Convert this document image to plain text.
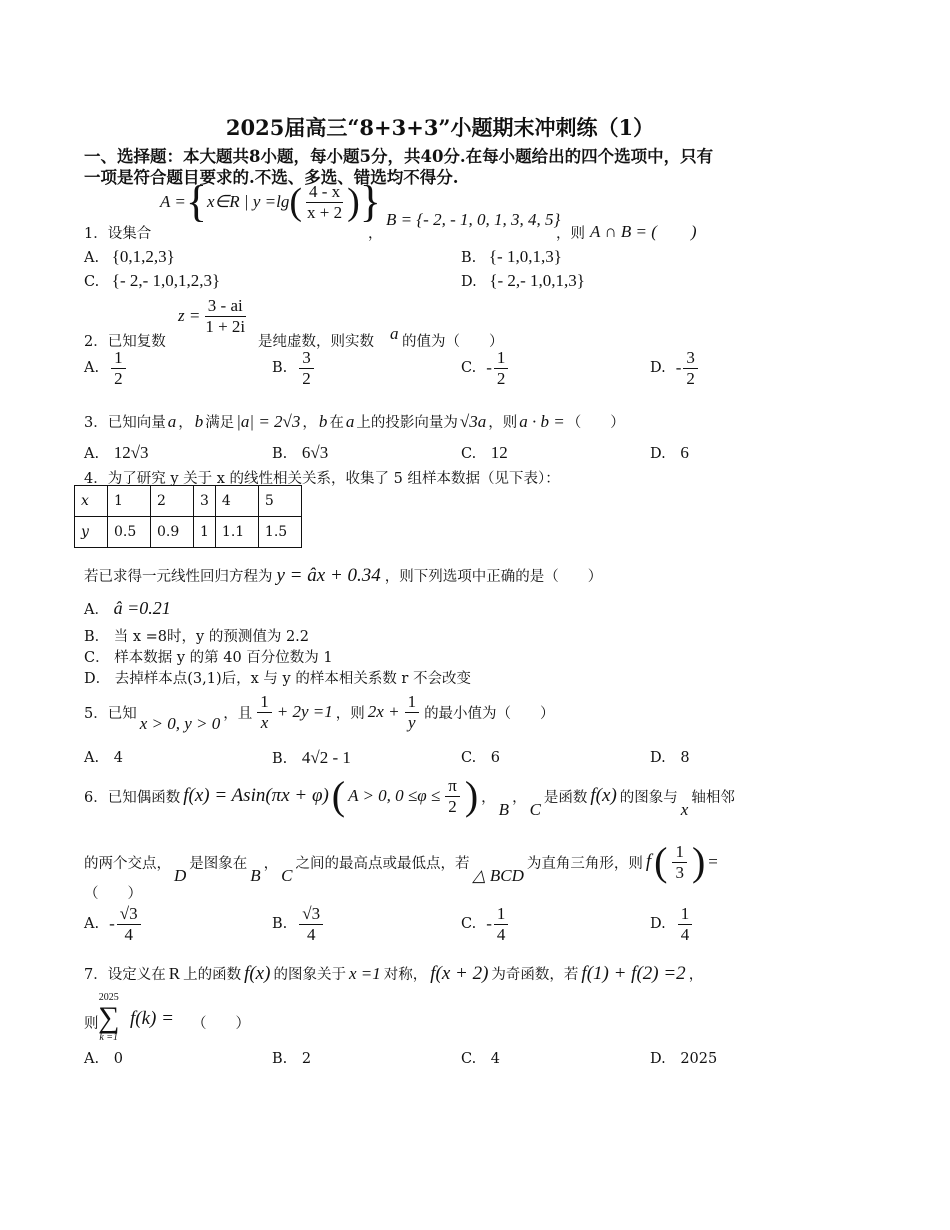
2025届高三“8+3+3”小题期末冲刺练（1）
一、选择题：本大题共8小题，每小题5分，共40分.在每小题给出的四个选项中，只有
一项是符合题目要求的.不选、多选、错选均不得分.
1．设集合
A = { x∈R | y =lg ( $\frac{4 - x}{x + 2}$ ) }
，
B = {- 2, - 1, 0, 1, 3, 4, 5}
，则 A ∩ B = (　　)
A. {0,1,2,3}	B. {- 1,0,1,3}
C. {- 2,- 1,0,1,2,3}	D. {- 2,- 1,0,1,3}
2．已知复数
$z = \frac{3 - ai}{1 + 2i}$
是纯虚数，则实数 a 的值为（　　）
A. $\frac{1}{2}$	B. $\frac{3}{2}$	C. - $\frac{1}{2}$	D. - $\frac{3}{2}$
3．已知向量 a ， b 满足 |a| = 2√3 ， b 在 a 上的投影向量为 √3a ，则 a · b = （　　）
A. 12√3	B. 6√3	C. 12	D. 6
4．为了研究 y 关于 x 的线性相关关系，收集了 5 组样本数据（见下表）：
x	1	2	3	4	5
y	0.5	0.9	1	1.1	1.5
若已求得一元线性回归方程为 y = âx + 0.34 ，则下列选项中正确的是（　　）
A． â =0.21
B． 当 x =8时，y 的预测值为 2.2
C． 样本数据 y 的第 40 百分位数为 1
D． 去掉样本点(3,1)后，x 与 y 的样本相关系数 r 不会改变
5．已知
x > 0, y > 0
，且 $\frac{1}{x} + 2y =1$ ，则 $2x + \frac{1}{y}$ 的最小值为（　　）
A. 4	B. 4√2 - 1	C. 6	D. 8
6．已知偶函数 f(x) = Asin(πx + φ) ( A > 0, $0 \le\varphi \le \frac{\pi}{2}$ ) ，
B
，
C
是函数 f(x) 的图象与
x
轴相邻
的两个交点，
D
是图象在
B
，
C
之间的最高点或最低点，若
△ BCD
为直角三角形，则 f ( $\frac{1}{3}$ ) =
（　　）
A. - $\frac{√3}{4}$	B. $\frac{√3}{4}$	C. - $\frac{1}{4}$	D. $\frac{1}{4}$
7．设定义在 R 上的函数 f(x) 的图象关于 x =1 对称， f(x + 2) 为奇函数，若 f(1) + f(2) =2 ，
则
2025
∑
k =1
f(k) = （　　）
A. 0	B. 2	C. 4	D. 2025
